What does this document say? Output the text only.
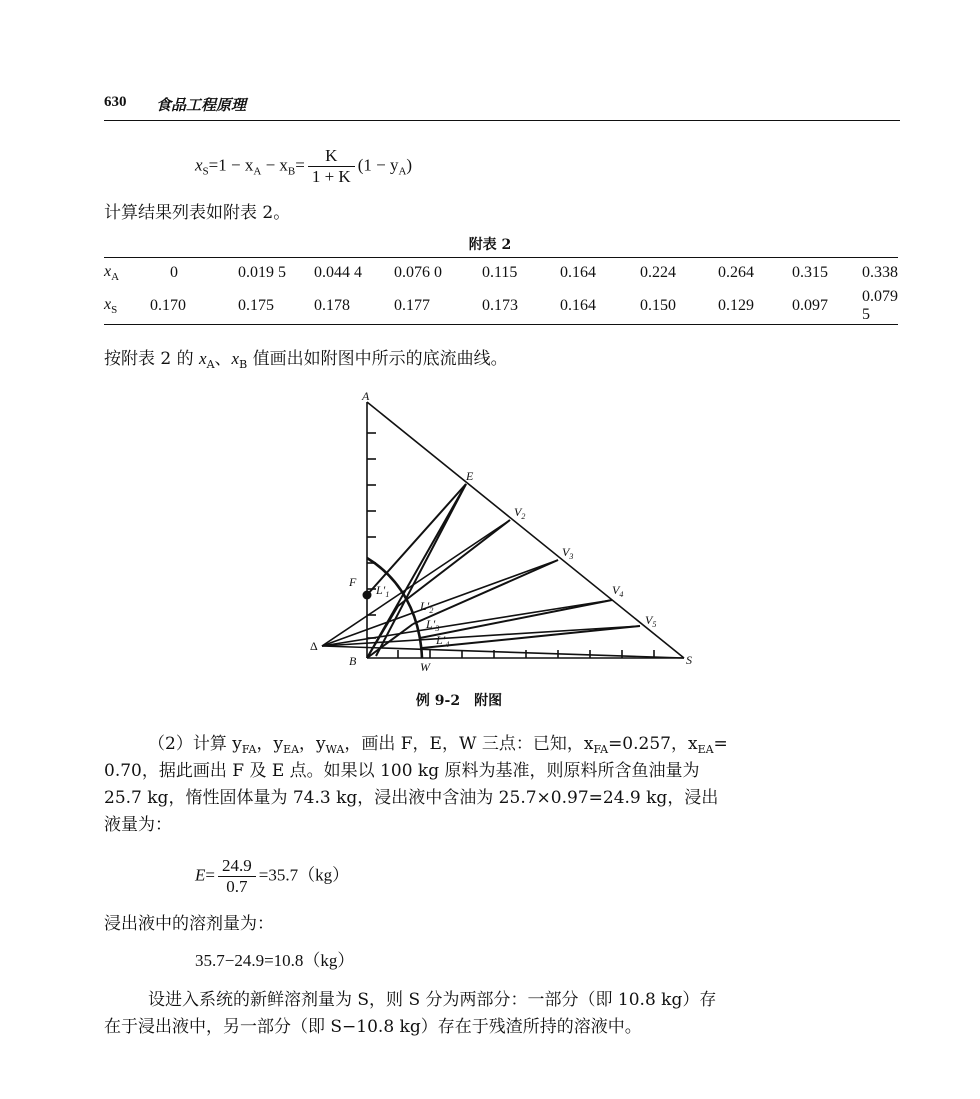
630 食品工程原理
$x_S=1 - x_A - x_B= \frac{K}{1 + K} (1 - y_A)$
计算结果列表如附表 2。
附表 2
$x_A$	0	0.019 5	0.044 4	0.076 0	0.115	0.164	0.224	0.264	0.315	0.338
$x_S$	0.170	0.175	0.178	0.177	0.173	0.164	0.150	0.129	0.097	0.079 5
按附表 2 的 $x_A$、$x_B$ 值画出如附图中所示的底流曲线。
A
E
$V_2$
$V_3$
$V_4$
$V_5$
F
$L'_1$
$L'_2$
$L'_3$
$L'_4$
Δ
B	W	S
例 9-2　附图
（2）计算 $y_{FA}$，$y_{EA}$，$y_{WA}$，画出 F，E，W 三点：已知，$x_{FA}=0.257$，$x_{EA}=$
0.70，据此画出 F 及 E 点。如果以 100 kg 原料为基准，则原料所含鱼油量为
25.7 kg，惰性固体量为 74.3 kg，浸出液中含油为 25.7×0.97=24.9 kg，浸出
液量为：
$E= \frac{24.9}{0.7} =35.7(kg)$
浸出液中的溶剂量为：
35.7−24.9=10.8（kg）
设进入系统的新鲜溶剂量为 S，则 S 分为两部分：一部分（即 10.8 kg）存
在于浸出液中，另一部分（即 S−10.8 kg）存在于残渣所持的溶液中。
